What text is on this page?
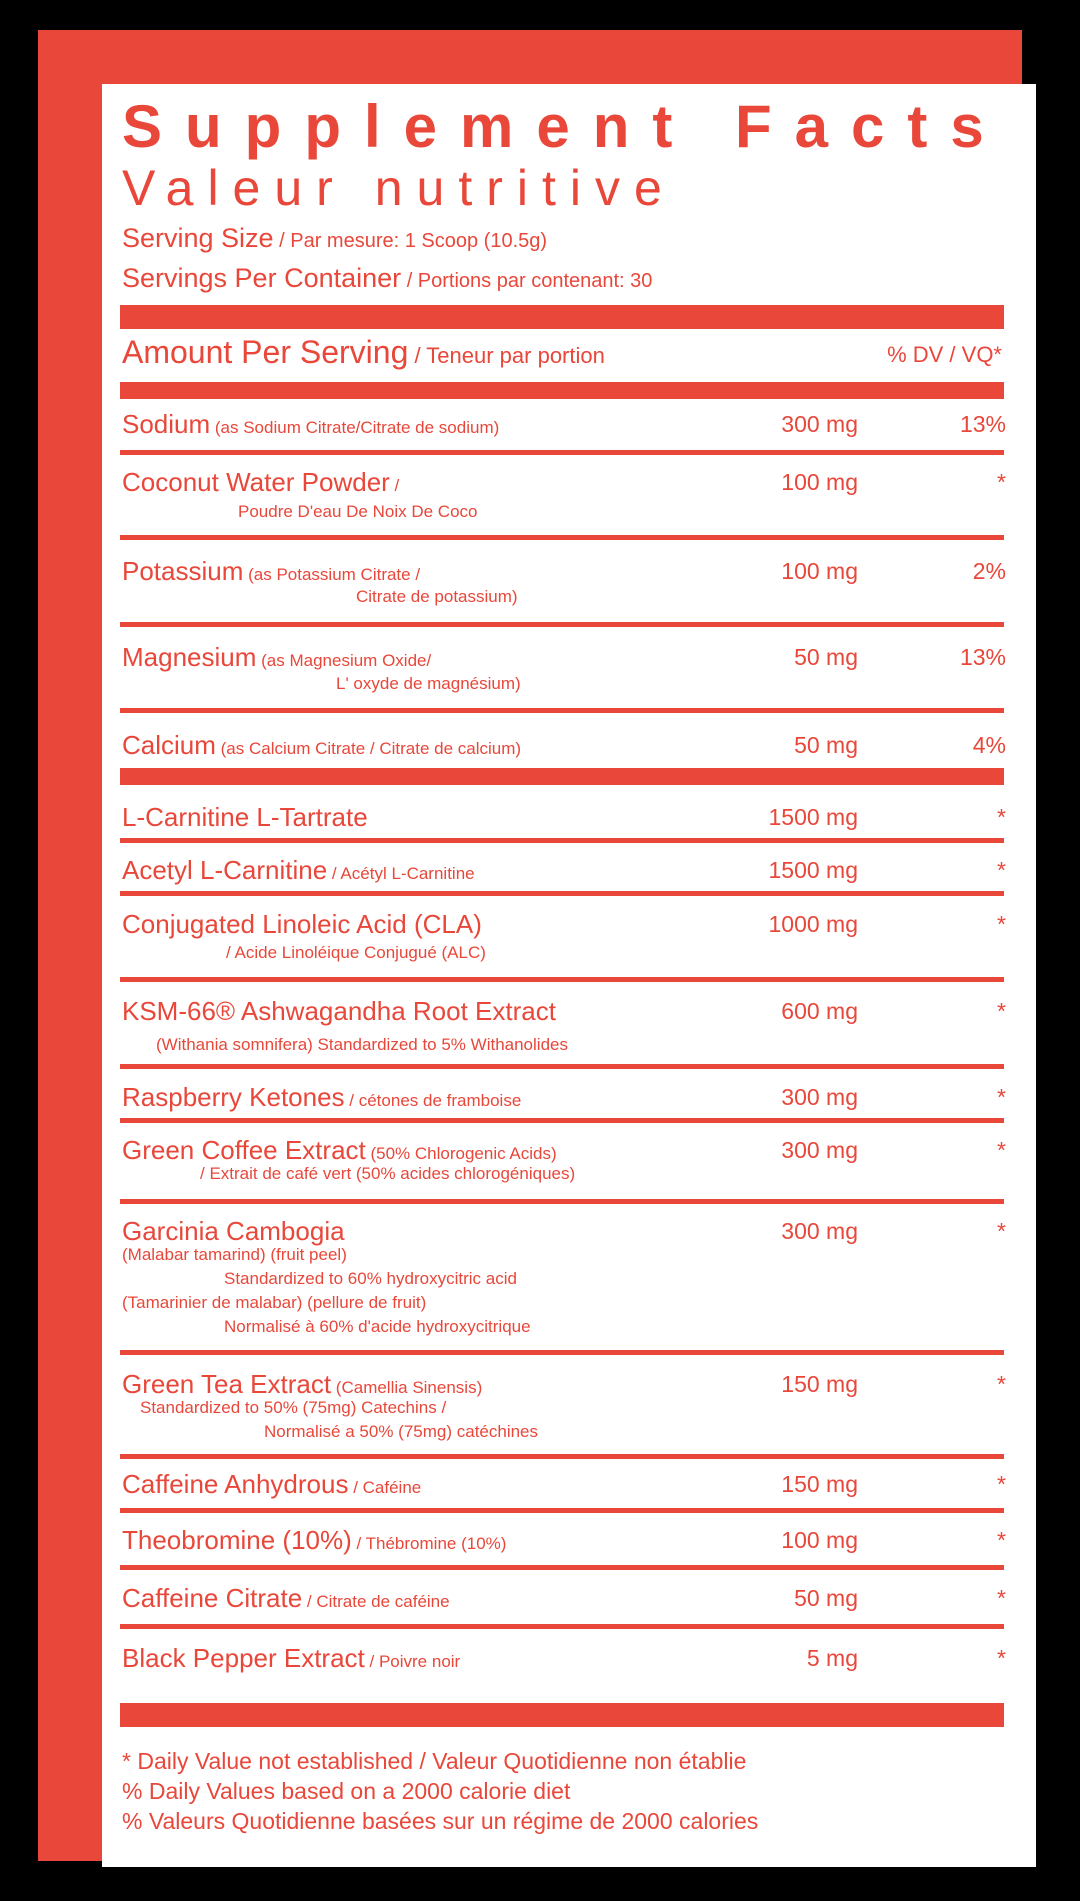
Supplement Facts
Valeur nutritive
Serving Size / Par mesure: 1 Scoop (10.5g)
Servings Per Container / Portions par contenant: 30
Amount Per Serving / Teneur par portion	% DV / VQ*
Sodium (as Sodium Citrate/Citrate de sodium)	300 mg	13%
Coconut Water Powder /
Poudre D'eau De Noix De Coco
100 mg	*
Potassium (as Potassium Citrate /
Citrate de potassium)
100 mg	2%
Magnesium (as Magnesium Oxide/
L' oxyde de magnésium)
50 mg	13%
Calcium (as Calcium Citrate / Citrate de calcium)	50 mg	4%
L-Carnitine L-Tartrate	1500 mg	*
Acetyl L-Carnitine / Acétyl L-Carnitine	1500 mg	*
Conjugated Linoleic Acid (CLA)
/ Acide Linoléique Conjugué (ALC)
1000 mg	*
KSM-66® Ashwagandha Root Extract
(Withania somnifera) Standardized to 5% Withanolides
600 mg	*
Raspberry Ketones / cétones de framboise	300 mg	*
Green Coffee Extract (50% Chlorogenic Acids)
/ Extrait de café vert (50% acides chlorogéniques)
300 mg	*
Garcinia Cambogia
(Malabar tamarind) (fruit peel)
Standardized to 60% hydroxycitric acid
(Tamarinier de malabar) (pellure de fruit)
Normalisé à 60% d'acide hydroxycitrique
300 mg	*
Green Tea Extract (Camellia Sinensis)
Standardized to 50% (75mg) Catechins /
Normalisé a 50% (75mg) catéchines
150 mg	*
Caffeine Anhydrous / Caféine	150 mg	*
Theobromine (10%) / Thébromine (10%)	100 mg	*
Caffeine Citrate / Citrate de caféine	50 mg	*
Black Pepper Extract / Poivre noir	5 mg	*
* Daily Value not established / Valeur Quotidienne non établie
% Daily Values based on a 2000 calorie diet
% Valeurs Quotidienne basées sur un régime de 2000 calories
